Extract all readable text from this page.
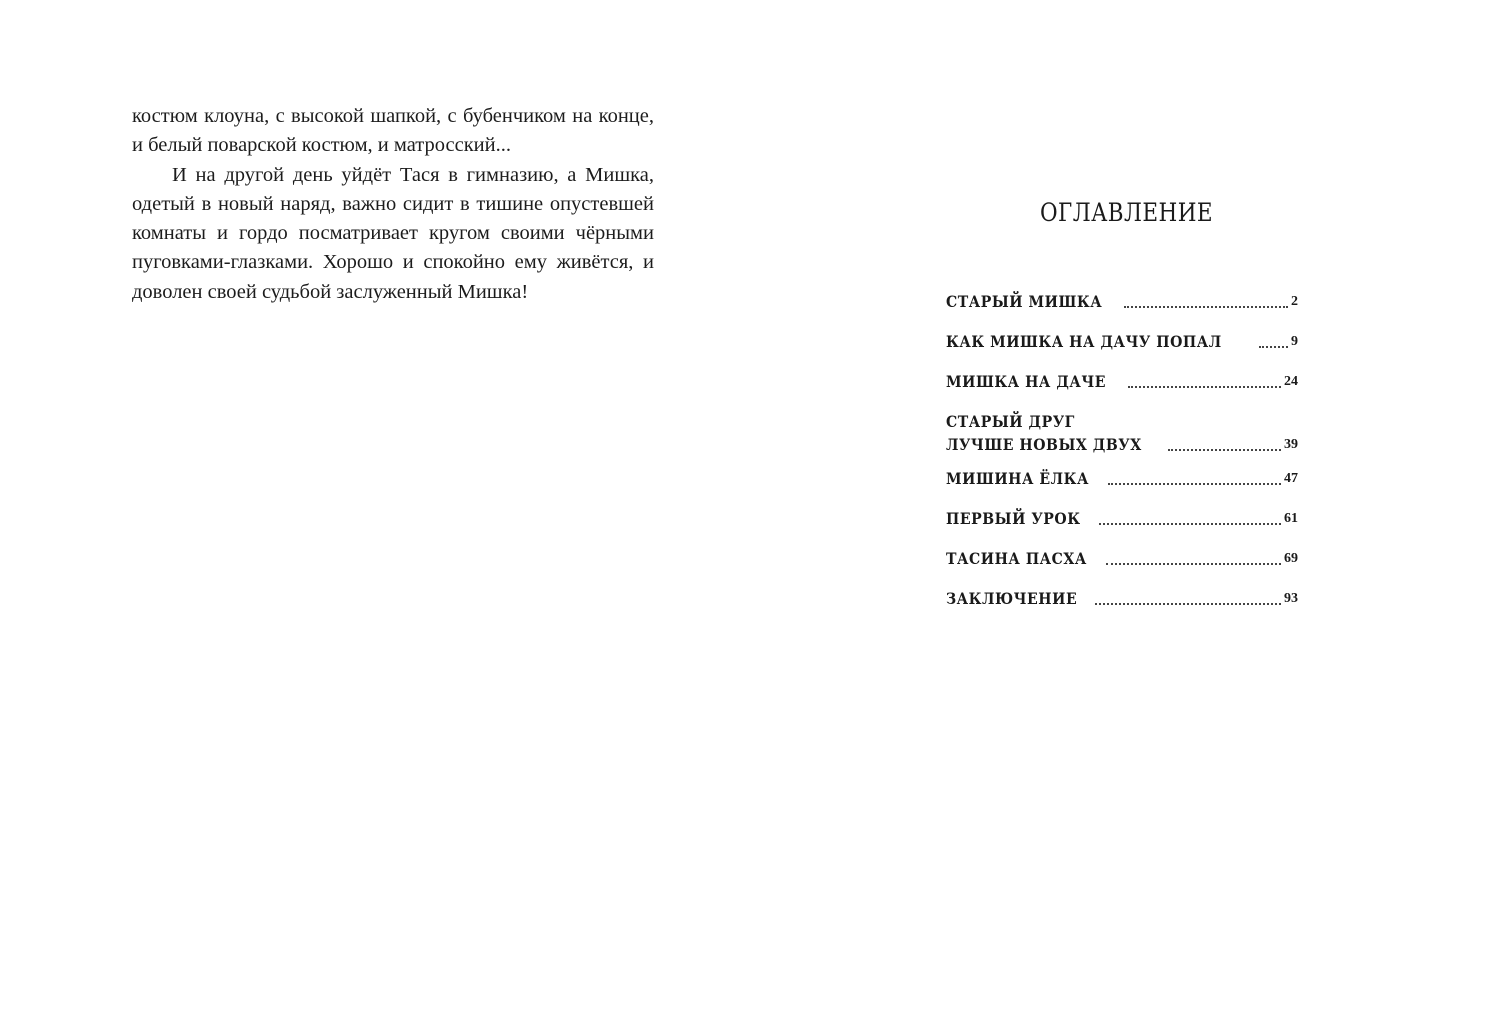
костюм клоуна, с высокой шапкой, с бубенчиком на конце, и белый поварской костюм, и матросский...

И на другой день уйдёт Тася в гимназию, а Мишка, одетый в новый наряд, важно сидит в тишине опустевшей комнаты и гордо посматривает кругом своими чёрными пуговками-глазками. Хорошо и спокойно ему живётся, и доволен своей судьбой заслуженный Мишка!

ОГЛАВЛЕНИЕ
СТАРЫЙ МИШКА	2
КАК МИШКА НА ДАЧУ ПОПАЛ	9
МИШКА НА ДАЧЕ	24
СТАРЫЙ ДРУГ
ЛУЧШЕ НОВЫХ ДВУХ	39
МИШИНА ЁЛКА	47
ПЕРВЫЙ УРОК	61
ТАСИНА ПАСХА	69
ЗАКЛЮЧЕНИЕ	93
